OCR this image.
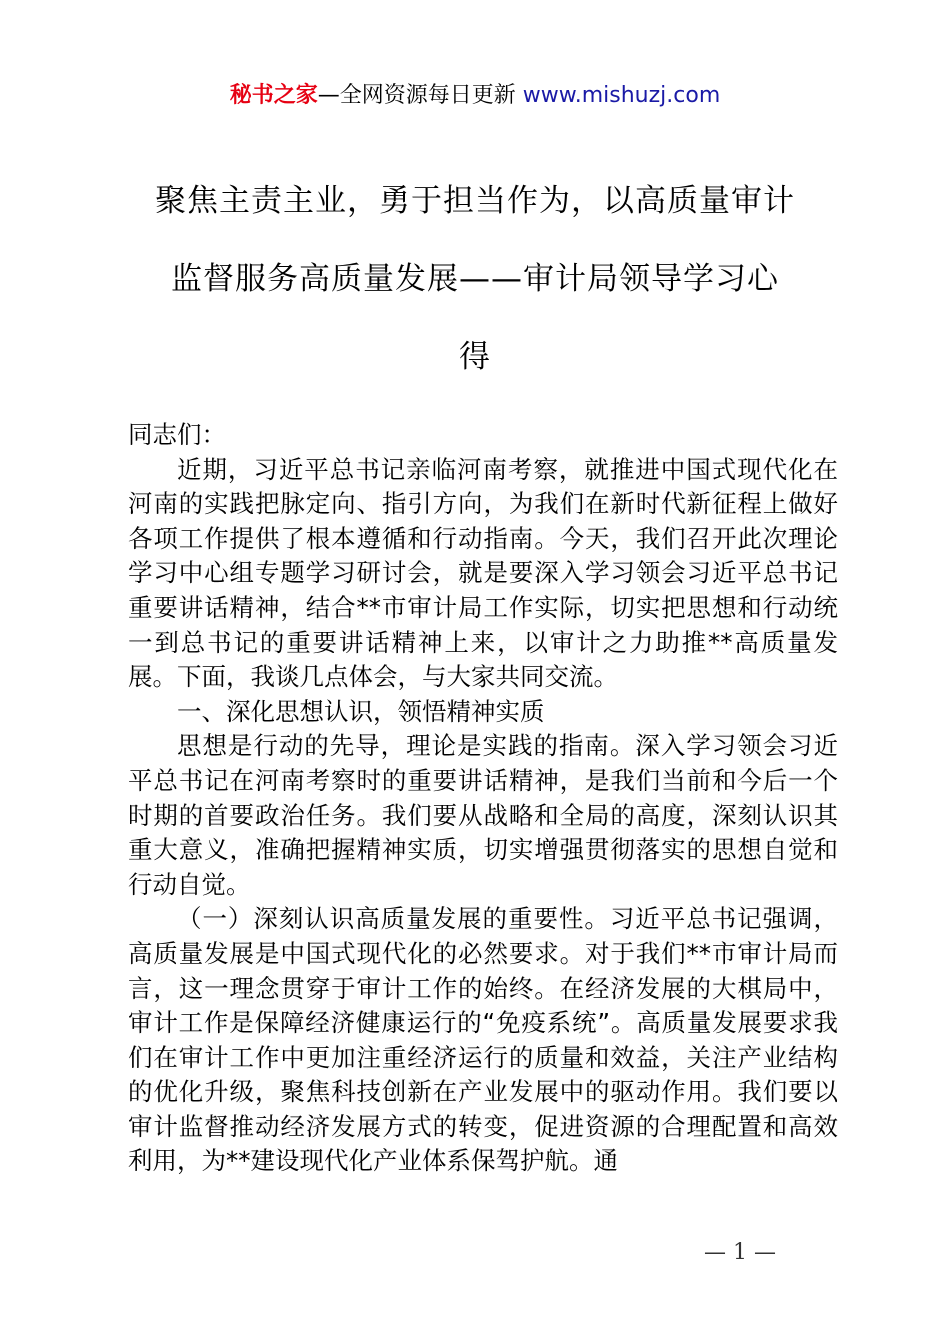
秘书之家—全网资源每日更新 www.mishuzj.com
聚焦主责主业，勇于担当作为，以高质量审计
监督服务高质量发展——审计局领导学习心
得

同志们：

近期，习近平总书记亲临河南考察，就推进中国式现代化在河南的实践把脉定向、指引方向，为我们在新时代新征程上做好各项工作提供了根本遵循和行动指南。今天，我们召开此次理论学习中心组专题学习研讨会，就是要深入学习领会习近平总书记重要讲话精神，结合**市审计局工作实际，切实把思想和行动统一到总书记的重要讲话精神上来，以审计之力助推**高质量发展。下面，我谈几点体会，与大家共同交流。

一、深化思想认识，领悟精神实质

思想是行动的先导，理论是实践的指南。深入学习领会习近平总书记在河南考察时的重要讲话精神，是我们当前和今后一个时期的首要政治任务。我们要从战略和全局的高度，深刻认识其重大意义，准确把握精神实质，切实增强贯彻落实的思想自觉和行动自觉。

（一）深刻认识高质量发展的重要性。习近平总书记强调，高质量发展是中国式现代化的必然要求。对于我们**市审计局而言，这一理念贯穿于审计工作的始终。在经济发展的大棋局中，审计工作是保障经济健康运行的“免疫系统”。高质量发展要求我们在审计工作中更加注重经济运行的质量和效益，关注产业结构的优化升级，聚焦科技创新在产业发展中的驱动作用。我们要以审计监督推动经济发展方式的转变，促进资源的合理配置和高效利用，为**建设现代化产业体系保驾护航。通

— 1 —
